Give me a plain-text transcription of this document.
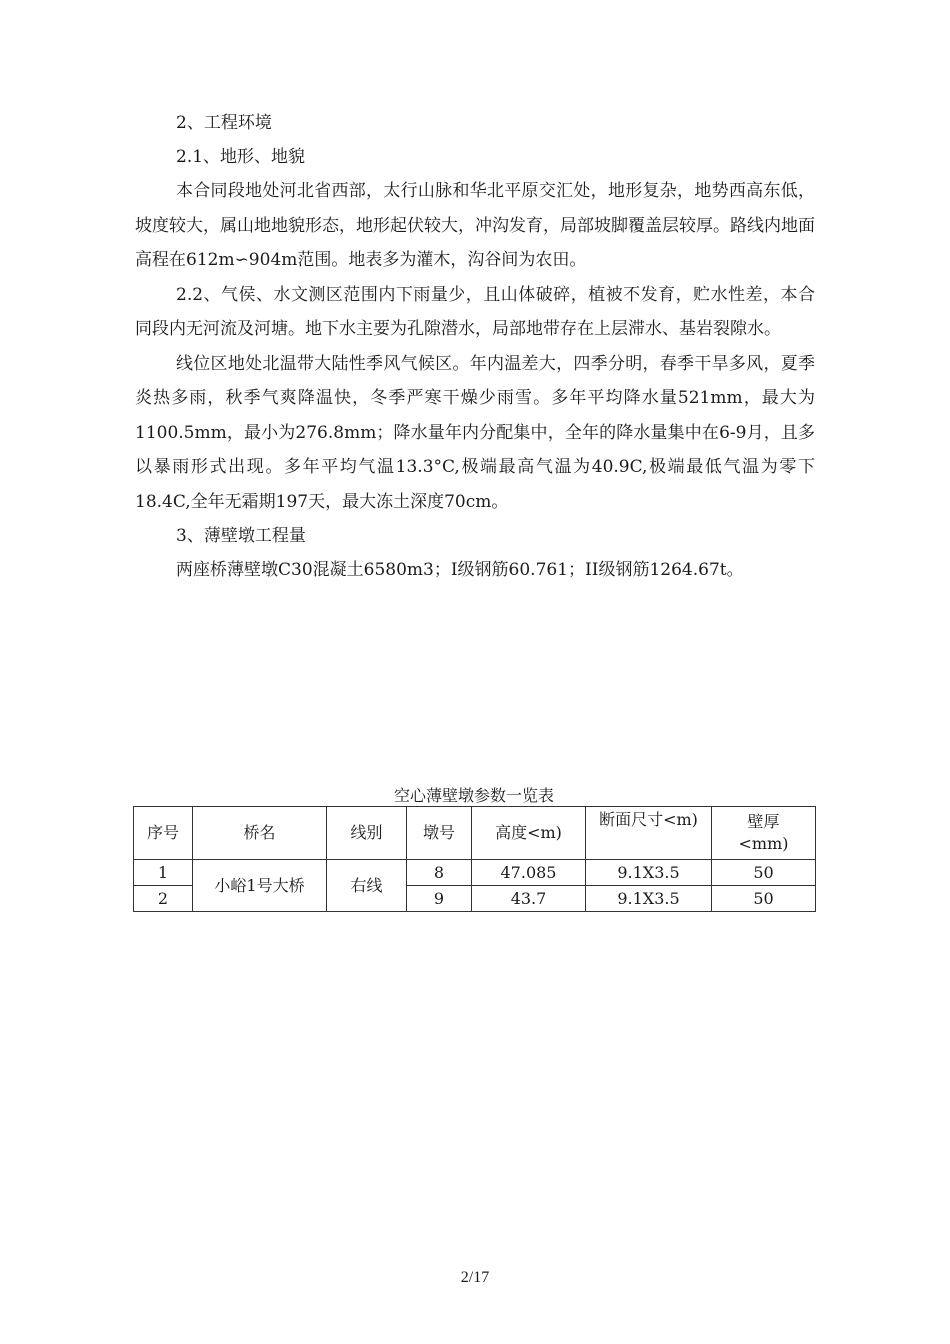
2、工程环境

2.1、地形、地貌

本合同段地处河北省西部，太行山脉和华北平原交汇处，地形复杂，地势西高东低，坡度较大，属山地地貌形态，地形起伏较大，冲沟发育，局部坡脚覆盖层较厚。路线内地面高程在612m∽904m范围。地表多为灌木，沟谷间为农田。

2.2、气侯、水文测区范围内下雨量少，且山体破碎，植被不发育，贮水性差，本合同段内无河流及河塘。地下水主要为孔隙潜水，局部地带存在上层滞水、基岩裂隙水。

线位区地处北温带大陆性季风气候区。年内温差大，四季分明，春季干旱多风，夏季炎热多雨，秋季气爽降温快，冬季严寒干燥少雨雪。多年平均降水量521mm，最大为1100.5mm，最小为276.8mm；降水量年内分配集中，全年的降水量集中在6-9月，且多以暴雨形式出现。多年平均气温13.3°C,极端最高气温为40.9C,极端最低气温为零下18.4C,全年无霜期197天，最大冻土深度70cm。

3、薄壁墩工程量

两座桥薄壁墩C30混凝土6580m3；I级钢筋60.761；II级钢筋1264.67t。

空心薄壁墩参数一览表
序号	桥名	线别	墩号	高度<m)	断面尺寸<m)	壁厚<mm)
1	小峪1号大桥	右线	8	47.085	9.1X3.5	50
2			9	43.7	9.1X3.5	50
2/17
